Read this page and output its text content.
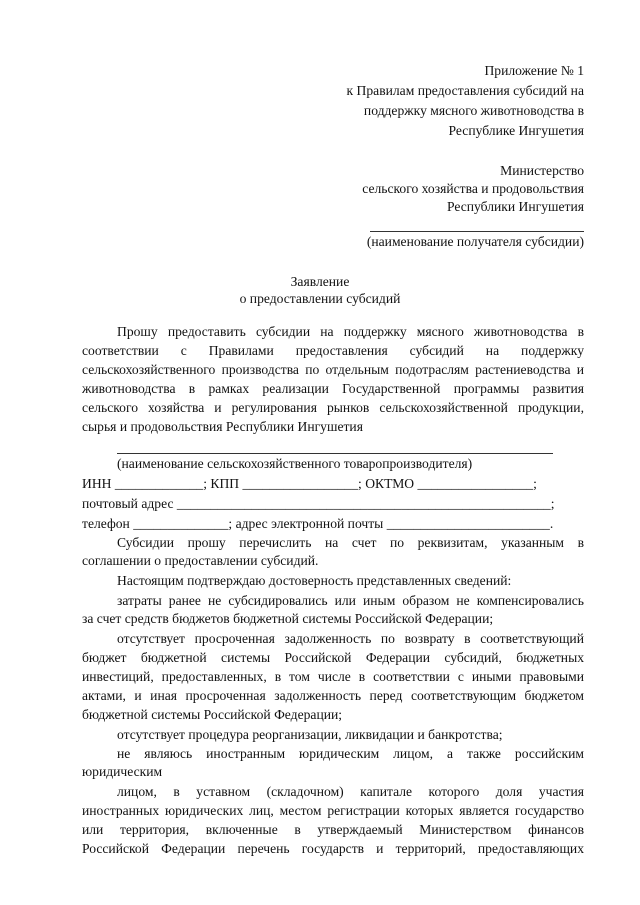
Приложение № 1
к Правилам предоставления субсидий на
поддержку мясного животноводства в
Республике Ингушетия
Министерство
сельского хозяйства и продовольствия
Республики Ингушетия
(наименование получателя субсидии)
Заявление
о предоставлении субсидий
Прошу предоставить субсидии на поддержку мясного животноводства в
соответствии с Правилами предоставления субсидий на поддержку
сельскохозяйственного производства по отдельным подотраслям растениеводства и
животноводства в рамках реализации Государственной программы развития
сельского хозяйства и регулирования рынков сельскохозяйственной продукции,
сырья и продовольствия Республики Ингушетия
(наименование сельскохозяйственного товаропроизводителя)
ИНН _____________; КПП _________________; ОКТМО _________________;
почтовый адрес _______________________________________________________;
телефон ______________; адрес электронной почты ________________________.
Субсидии прошу перечислить на счет по реквизитам, указанным в
соглашении о предоставлении субсидий.
Настоящим подтверждаю достоверность представленных сведений:
затраты ранее не субсидировались или иным образом не компенсировались
за счет средств бюджетов бюджетной системы Российской Федерации;
отсутствует просроченная задолженность по возврату в соответствующий
бюджет бюджетной системы Российской Федерации субсидий, бюджетных
инвестиций, предоставленных, в том числе в соответствии с иными правовыми
актами, и иная просроченная задолженность перед соответствующим бюджетом
бюджетной системы Российской Федерации;
отсутствует процедура реорганизации, ликвидации и банкротства;
не являюсь иностранным юридическим лицом, а также российским
юридическим
лицом, в уставном (складочном) капитале которого доля участия
иностранных юридических лиц, местом регистрации которых является государство
или территория, включенные в утверждаемый Министерством финансов
Российской Федерации перечень государств и территорий, предоставляющих
